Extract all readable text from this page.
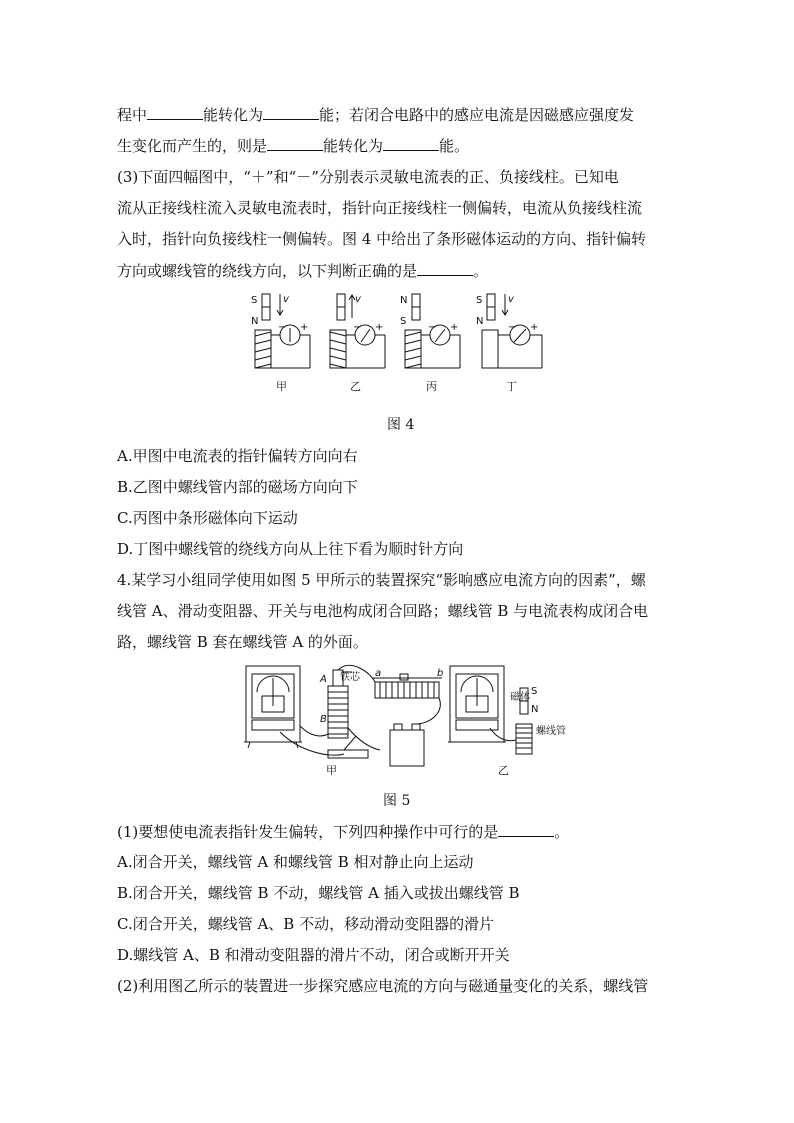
程中	能转化为	能；若闭合电路中的感应电流是因磁感应强度发
生变化而产生的，则是	能转化为	能。
(3)下面四幅图中，“＋”和“－”分别表示灵敏电流表的正、负接线柱。已知电
流从正接线柱流入灵敏电流表时，指针向正接线柱一侧偏转，电流从负接线柱流
入时，指针向负接线柱一侧偏转。图 4 中给出了条形磁体运动的方向、指针偏转
方向或螺线管的绕线方向，以下判断正确的是	。
S
N
v
− +
v
− +
N
S
− +
S
N
v
− +
甲	乙	丙	丁
图 4
A.甲图中电流表的指针偏转方向向右
B.乙图中螺线管内部的磁场方向向下
C.丙图中条形磁体向下运动
D.丁图中螺线管的绕线方向从上往下看为顺时针方向
4.某学习小组同学使用如图 5 甲所示的装置探究“影响感应电流方向的因素”，螺
线管 A、滑动变阻器、开关与电池构成闭合回路；螺线管 B 与电流表构成闭合电
路，螺线管 B 套在螺线管 A 的外面。
A
B
铁芯 a	b
磁体
S
N
螺线管
甲	乙
图 5
(1)要想使电流表指针发生偏转，下列四种操作中可行的是	。
A.闭合开关，螺线管 A 和螺线管 B 相对静止向上运动
B.闭合开关，螺线管 B 不动，螺线管 A 插入或拔出螺线管 B
C.闭合开关，螺线管 A、B 不动，移动滑动变阻器的滑片
D.螺线管 A、B 和滑动变阻器的滑片不动，闭合或断开开关
(2)利用图乙所示的装置进一步探究感应电流的方向与磁通量变化的关系，螺线管
